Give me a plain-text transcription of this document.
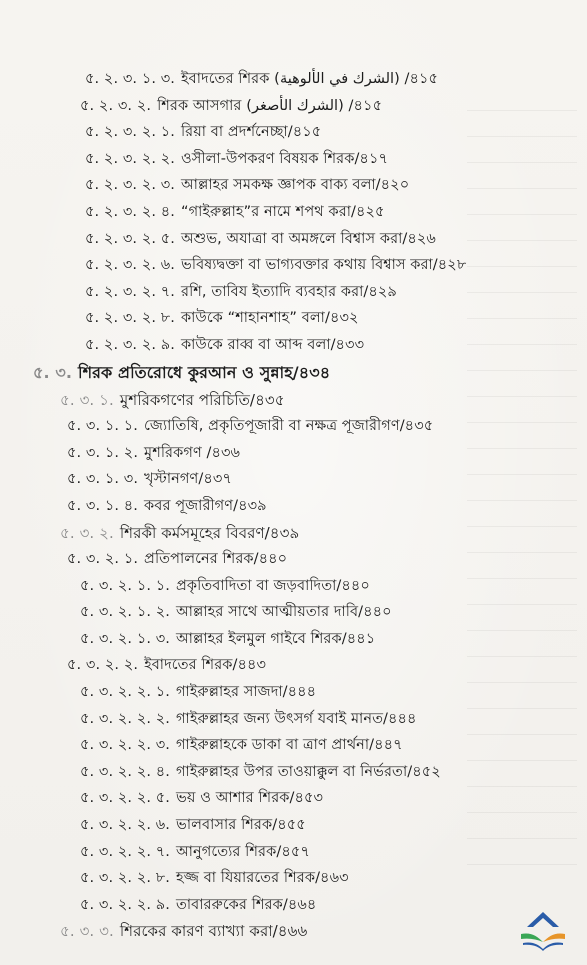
৫. ২. ৩. ১. ৩. ইবাদতের শিরক (الشرك في الألوهية) /৪১৫
৫. ২. ৩. ২. শিরক আসগার (الشرك الأصغر) /৪১৫
৫. ২. ৩. ২. ১. রিয়া বা প্রদর্শনেচ্ছা/৪১৫
৫. ২. ৩. ২. ২. ওসীলা-উপকরণ বিষয়ক শিরক/৪১৭
৫. ২. ৩. ২. ৩. আল্লাহর সমকক্ষ জ্ঞাপক বাক্য বলা/৪২০
৫. ২. ৩. ২. ৪. “গাইরুল্লাহ”র নামে শপথ করা/৪২৫
৫. ২. ৩. ২. ৫. অশুভ, অযাত্রা বা অমঙ্গলে বিশ্বাস করা/৪২৬
৫. ২. ৩. ২. ৬. ভবিষ্যদ্বক্তা বা ভাগ্যবক্তার কথায় বিশ্বাস করা/৪২৮
৫. ২. ৩. ২. ৭. রশি, তাবিয ইত্যাদি ব্যবহার করা/৪২৯
৫. ২. ৩. ২. ৮. কাউকে “শাহানশাহ” বলা/৪৩২
৫. ২. ৩. ২. ৯. কাউকে রাব্ব বা আব্দ বলা/৪৩৩
৫. ৩. শিরক প্রতিরোধে কুরআন ও সুন্নাহ/৪৩৪
৫. ৩. ১. মুশরিকগণের পরিচিতি/৪৩৫
৫. ৩. ১. ১. জ্যোতিষি, প্রকৃতিপূজারী বা নক্ষত্র পূজারীগণ/৪৩৫
৫. ৩. ১. ২. মুশরিকগণ /৪৩৬
৫. ৩. ১. ৩. খৃস্টানগণ/৪৩৭
৫. ৩. ১. ৪. কবর পূজারীগণ/৪৩৯
৫. ৩. ২. শিরকী কর্মসমূহের বিবরণ/৪৩৯
৫. ৩. ২. ১. প্রতিপালনের শিরক/৪৪০
৫. ৩. ২. ১. ১. প্রকৃতিবাদিতা বা জড়বাদিতা/৪৪০
৫. ৩. ২. ১. ২. আল্লাহর সাথে আত্মীয়তার দাবি/৪৪০
৫. ৩. ২. ১. ৩. আল্লাহর ইলমুল গাইবে শিরক/৪৪১
৫. ৩. ২. ২. ইবাদতের শিরক/৪৪৩
৫. ৩. ২. ২. ১. গাইরুল্লাহর সাজদা/৪৪৪
৫. ৩. ২. ২. ২. গাইরুল্লাহর জন্য উৎসর্গ যবাই মানত/৪৪৪
৫. ৩. ২. ২. ৩. গাইরুল্লাহকে ডাকা বা ত্রাণ প্রার্থনা/৪৪৭
৫. ৩. ২. ২. ৪. গাইরুল্লাহর উপর তাওয়াক্কুল বা নির্ভরতা/৪৫২
৫. ৩. ২. ২. ৫. ভয় ও আশার শিরক/৪৫৩
৫. ৩. ২. ২. ৬. ভালবাসার শিরক/৪৫৫
৫. ৩. ২. ২. ৭. আনুগত্যের শিরক/৪৫৭
৫. ৩. ২. ২. ৮. হজ্জ বা যিয়ারতের শিরক/৪৬৩
৫. ৩. ২. ২. ৯. তাবাররুকের শিরক/৪৬৪
৫. ৩. ৩. শিরকের কারণ ব্যাখ্যা করা/৪৬৬
